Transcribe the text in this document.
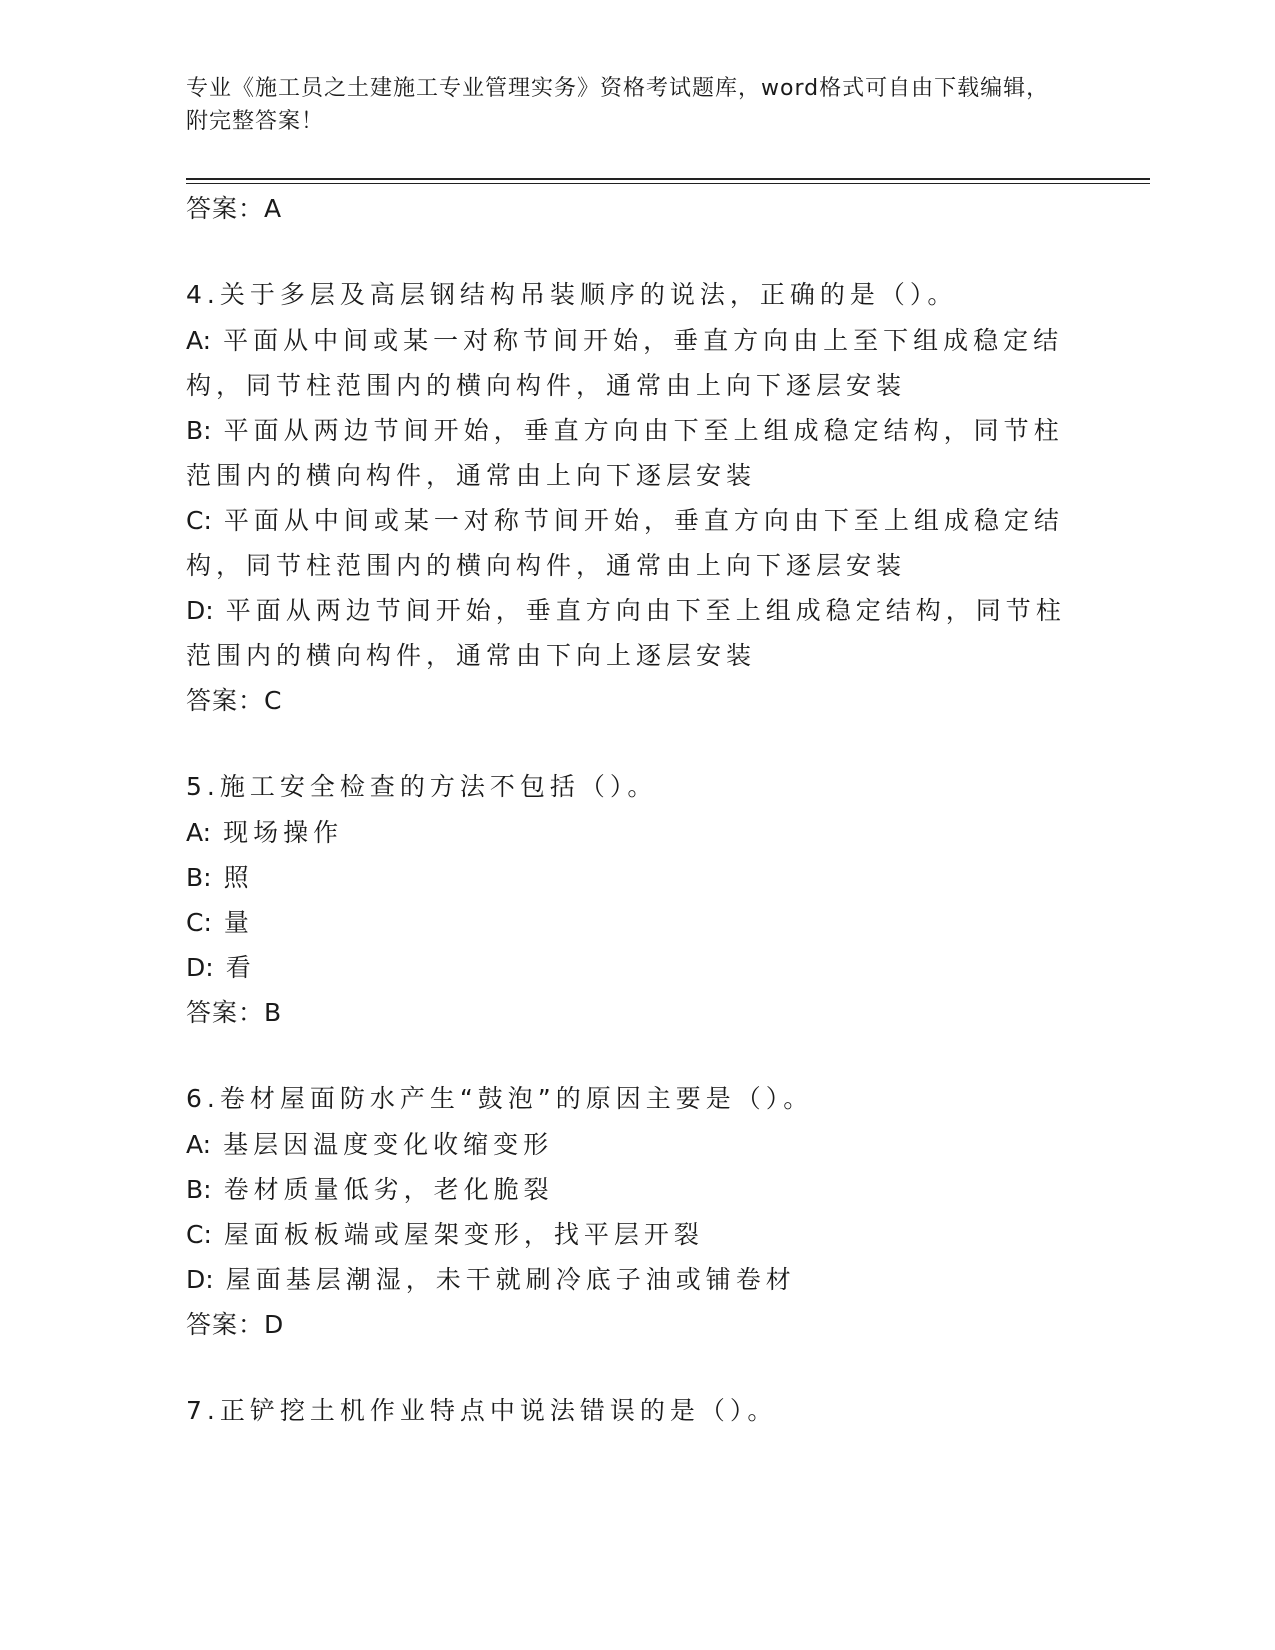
专业《施工员之土建施工专业管理实务》资格考试题库，word格式可自由下载编辑，附完整答案！
答案：A
4.关于多层及高层钢结构吊装顺序的说法，正确的是（）。
A: 平面从中间或某一对称节间开始，垂直方向由上至下组成稳定结构，同节柱范围内的横向构件，通常由上向下逐层安装
B: 平面从两边节间开始，垂直方向由下至上组成稳定结构，同节柱范围内的横向构件，通常由上向下逐层安装
C: 平面从中间或某一对称节间开始，垂直方向由下至上组成稳定结构，同节柱范围内的横向构件，通常由上向下逐层安装
D: 平面从两边节间开始，垂直方向由下至上组成稳定结构，同节柱范围内的横向构件，通常由下向上逐层安装
答案：C
5.施工安全检查的方法不包括（）。
A: 现场操作
B: 照
C: 量
D: 看
答案：B
6.卷材屋面防水产生“鼓泡”的原因主要是（）。
A: 基层因温度变化收缩变形
B: 卷材质量低劣，老化脆裂
C: 屋面板板端或屋架变形，找平层开裂
D: 屋面基层潮湿，未干就刷冷底子油或铺卷材
答案：D
7.正铲挖土机作业特点中说法错误的是（）。
